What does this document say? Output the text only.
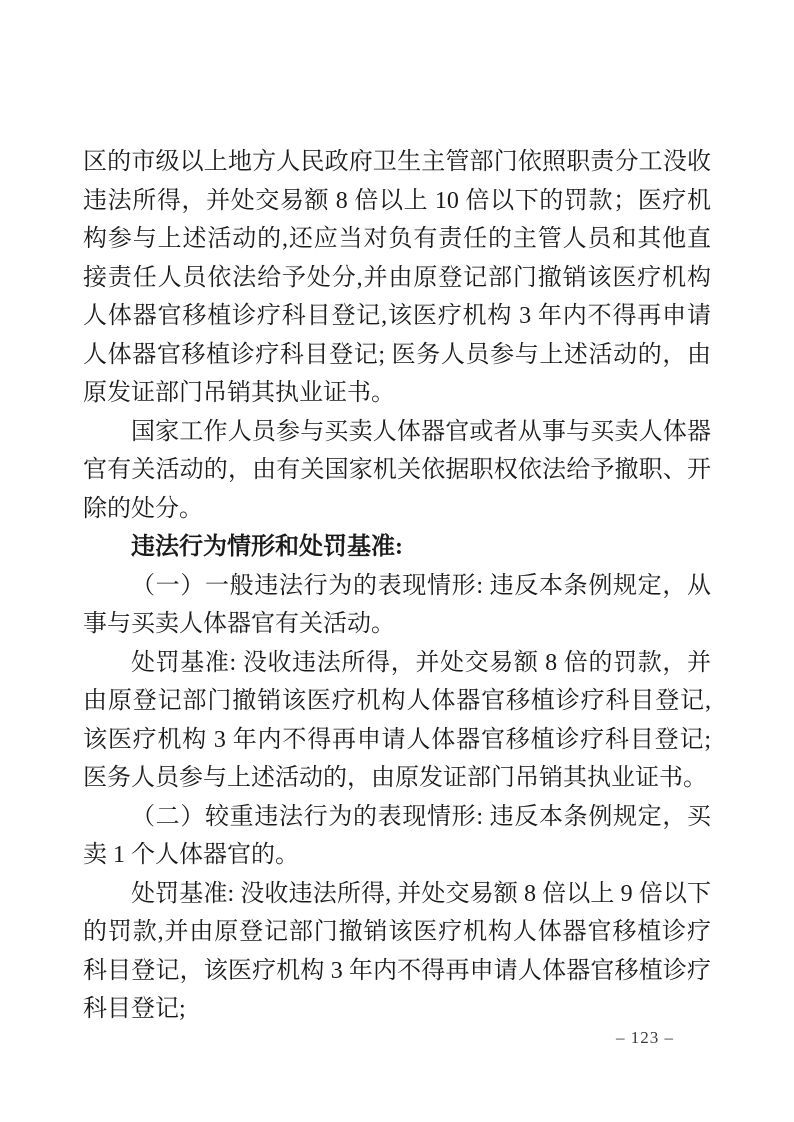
区的市级以上地方人民政府卫生主管部门依照职责分工没收违法所得，并处交易额 8 倍以上 10 倍以下的罚款；医疗机构参与上述活动的,还应当对负有责任的主管人员和其他直接责任人员依法给予处分,并由原登记部门撤销该医疗机构人体器官移植诊疗科目登记,该医疗机构 3 年内不得再申请人体器官移植诊疗科目登记; 医务人员参与上述活动的，由原发证部门吊销其执业证书。

国家工作人员参与买卖人体器官或者从事与买卖人体器官有关活动的，由有关国家机关依据职权依法给予撤职、开除的处分。

违法行为情形和处罚基准:

（一）一般违法行为的表现情形: 违反本条例规定，从事与买卖人体器官有关活动。

处罚基准: 没收违法所得，并处交易额 8 倍的罚款，并由原登记部门撤销该医疗机构人体器官移植诊疗科目登记,该医疗机构 3 年内不得再申请人体器官移植诊疗科目登记; 医务人员参与上述活动的，由原发证部门吊销其执业证书。

（二）较重违法行为的表现情形: 违反本条例规定，买卖 1 个人体器官的。

处罚基准: 没收违法所得, 并处交易额 8 倍以上 9 倍以下的罚款,并由原登记部门撤销该医疗机构人体器官移植诊疗科目登记，该医疗机构 3 年内不得再申请人体器官移植诊疗科目登记;

– 123 –
